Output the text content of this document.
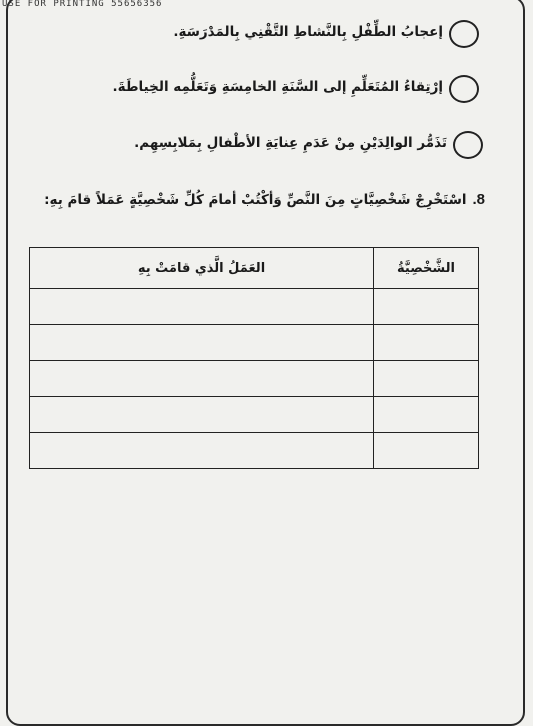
USE FOR PRINTING 55656356
إعجابُ الطِّفْلِ بِالنَّشاطِ التَّقْنِي بِالمَدْرَسَةِ.
إرْتِقاءُ المُتَعَلِّمِ إلى السَّنَةِ الخامِسَةِ وَتَعَلُّمِه الخِياطَةَ.
تَذَمُّر الوالِدَيْنِ مِنْ عَدَمِ عِنايَةِ الأطْفالِ بِمَلابِسِهِم.
8.اسْتَخْرِجْ شَخْصِيَّاتٍ مِنَ النَّصِّ وَأكْتُبْ أمامَ كُلِّ شَخْصِيَّةٍ عَمَلاً قامَ بِهِ:
الشَّخْصِيَّةُ	العَمَلُ الَّذي قامَتْ بِهِ
